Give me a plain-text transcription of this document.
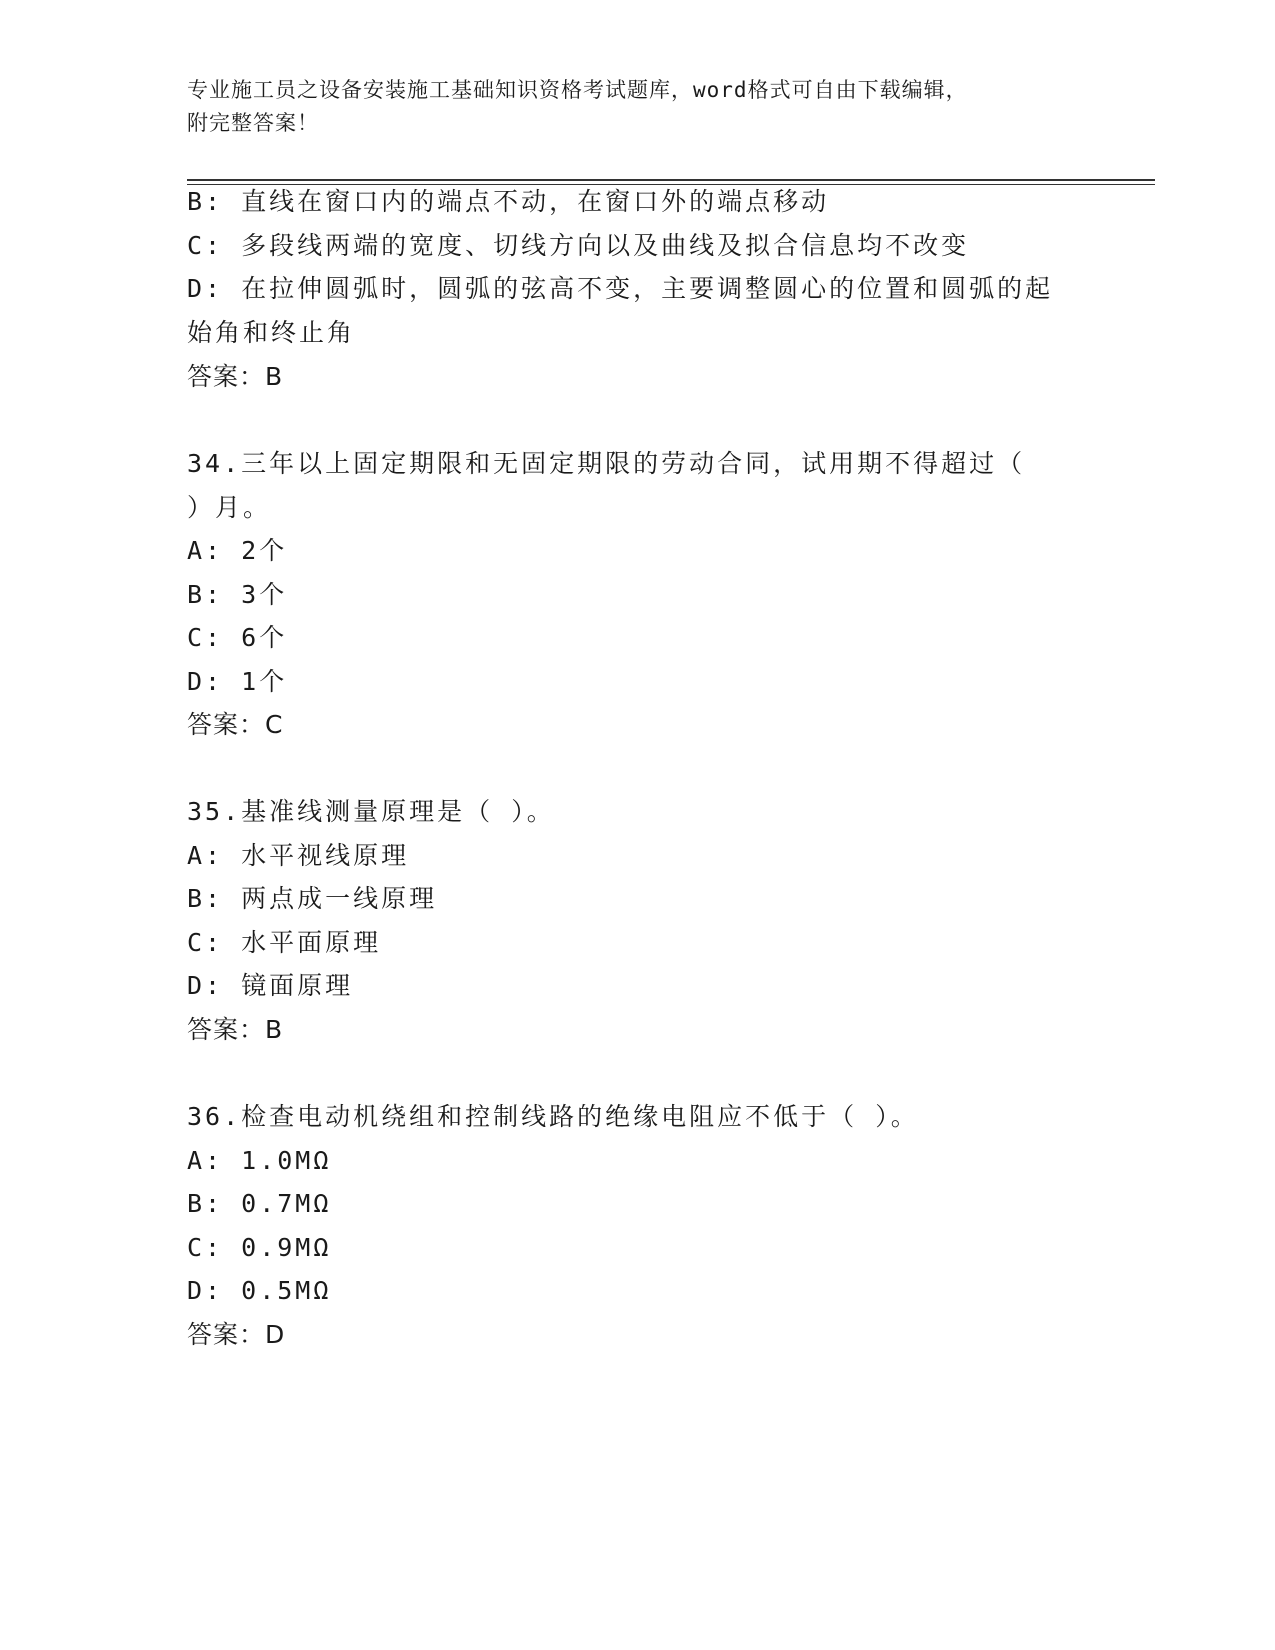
专业施工员之设备安装施工基础知识资格考试题库，word格式可自由下载编辑，
附完整答案！
B: 直线在窗口内的端点不动，在窗口外的端点移动
C: 多段线两端的宽度、切线方向以及曲线及拟合信息均不改变
D: 在拉伸圆弧时，圆弧的弦高不变，主要调整圆心的位置和圆弧的起
始角和终止角
答案：B
34.三年以上固定期限和无固定期限的劳动合同，试用期不得超过（
）月。
A: 2个
B: 3个
C: 6个
D: 1个
答案：C
35.基准线测量原理是（ ）。
A: 水平视线原理
B: 两点成一线原理
C: 水平面原理
D: 镜面原理
答案：B
36.检查电动机绕组和控制线路的绝缘电阻应不低于（ ）。
A: 1.0MΩ
B: 0.7MΩ
C: 0.9MΩ
D: 0.5MΩ
答案：D
